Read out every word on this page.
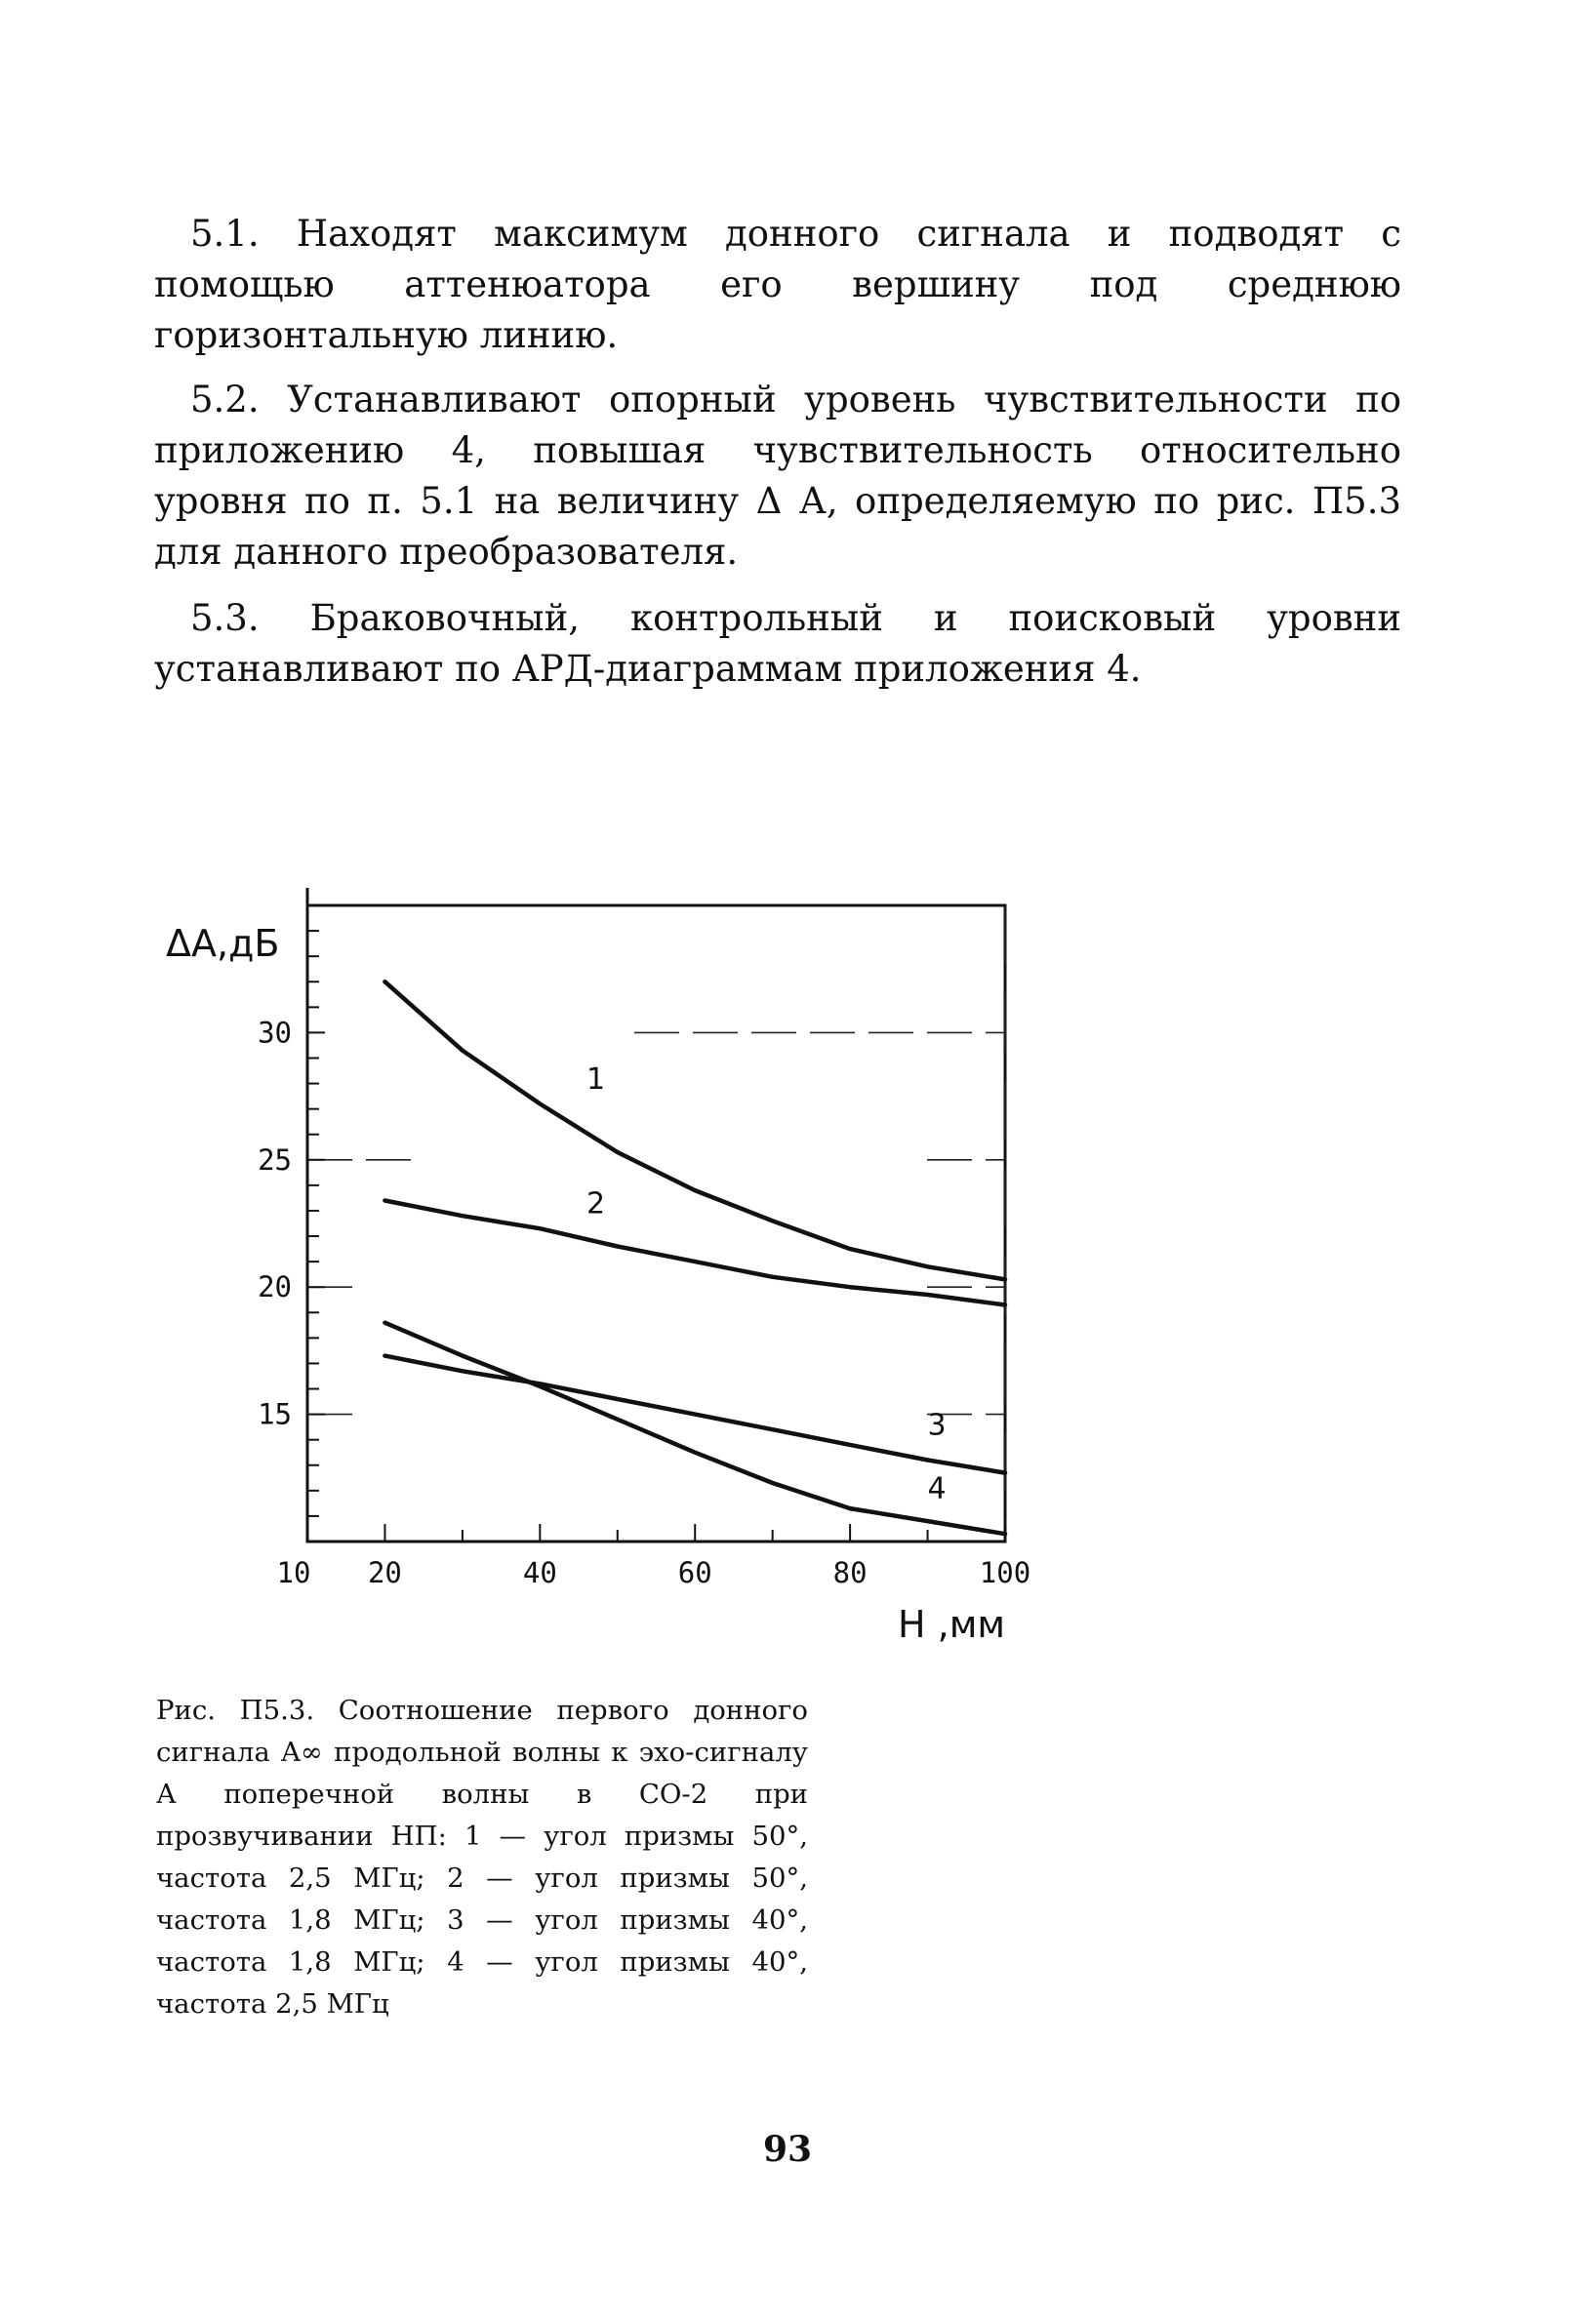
 5.1. Находят максимум донного сигнала и подводят с помощью аттенюатора его вершину под среднюю горизонтальную линию.

 5.2. Устанавливают опорный уровень чувствительности по приложению 4, повышая чувствительность относительно уровня по п. 5.1 на величину Δ А, определяемую по рис. П5.3 для данного преобразователя.

 5.3. Браковочный, контрольный и поисковый уровни устанавливают по АРД-диаграммам приложения 4.

1
2
3
4
15
20
25
30
10 20	40	60	80	100
ΔA,дБ
H ,мм

Рис. П5.3. Соотношение первого донного сигнала A∞ продольной волны к эхо-сигналу А поперечной волны в СО-2 при прозвучивании НП: 1 — угол призмы 50°, частота 2,5 МГц; 2 — угол призмы 50°, частота 1,8 МГц; 3 — угол призмы 40°, частота 1,8 МГц; 4 — угол призмы 40°, частота 2,5 МГц

93
